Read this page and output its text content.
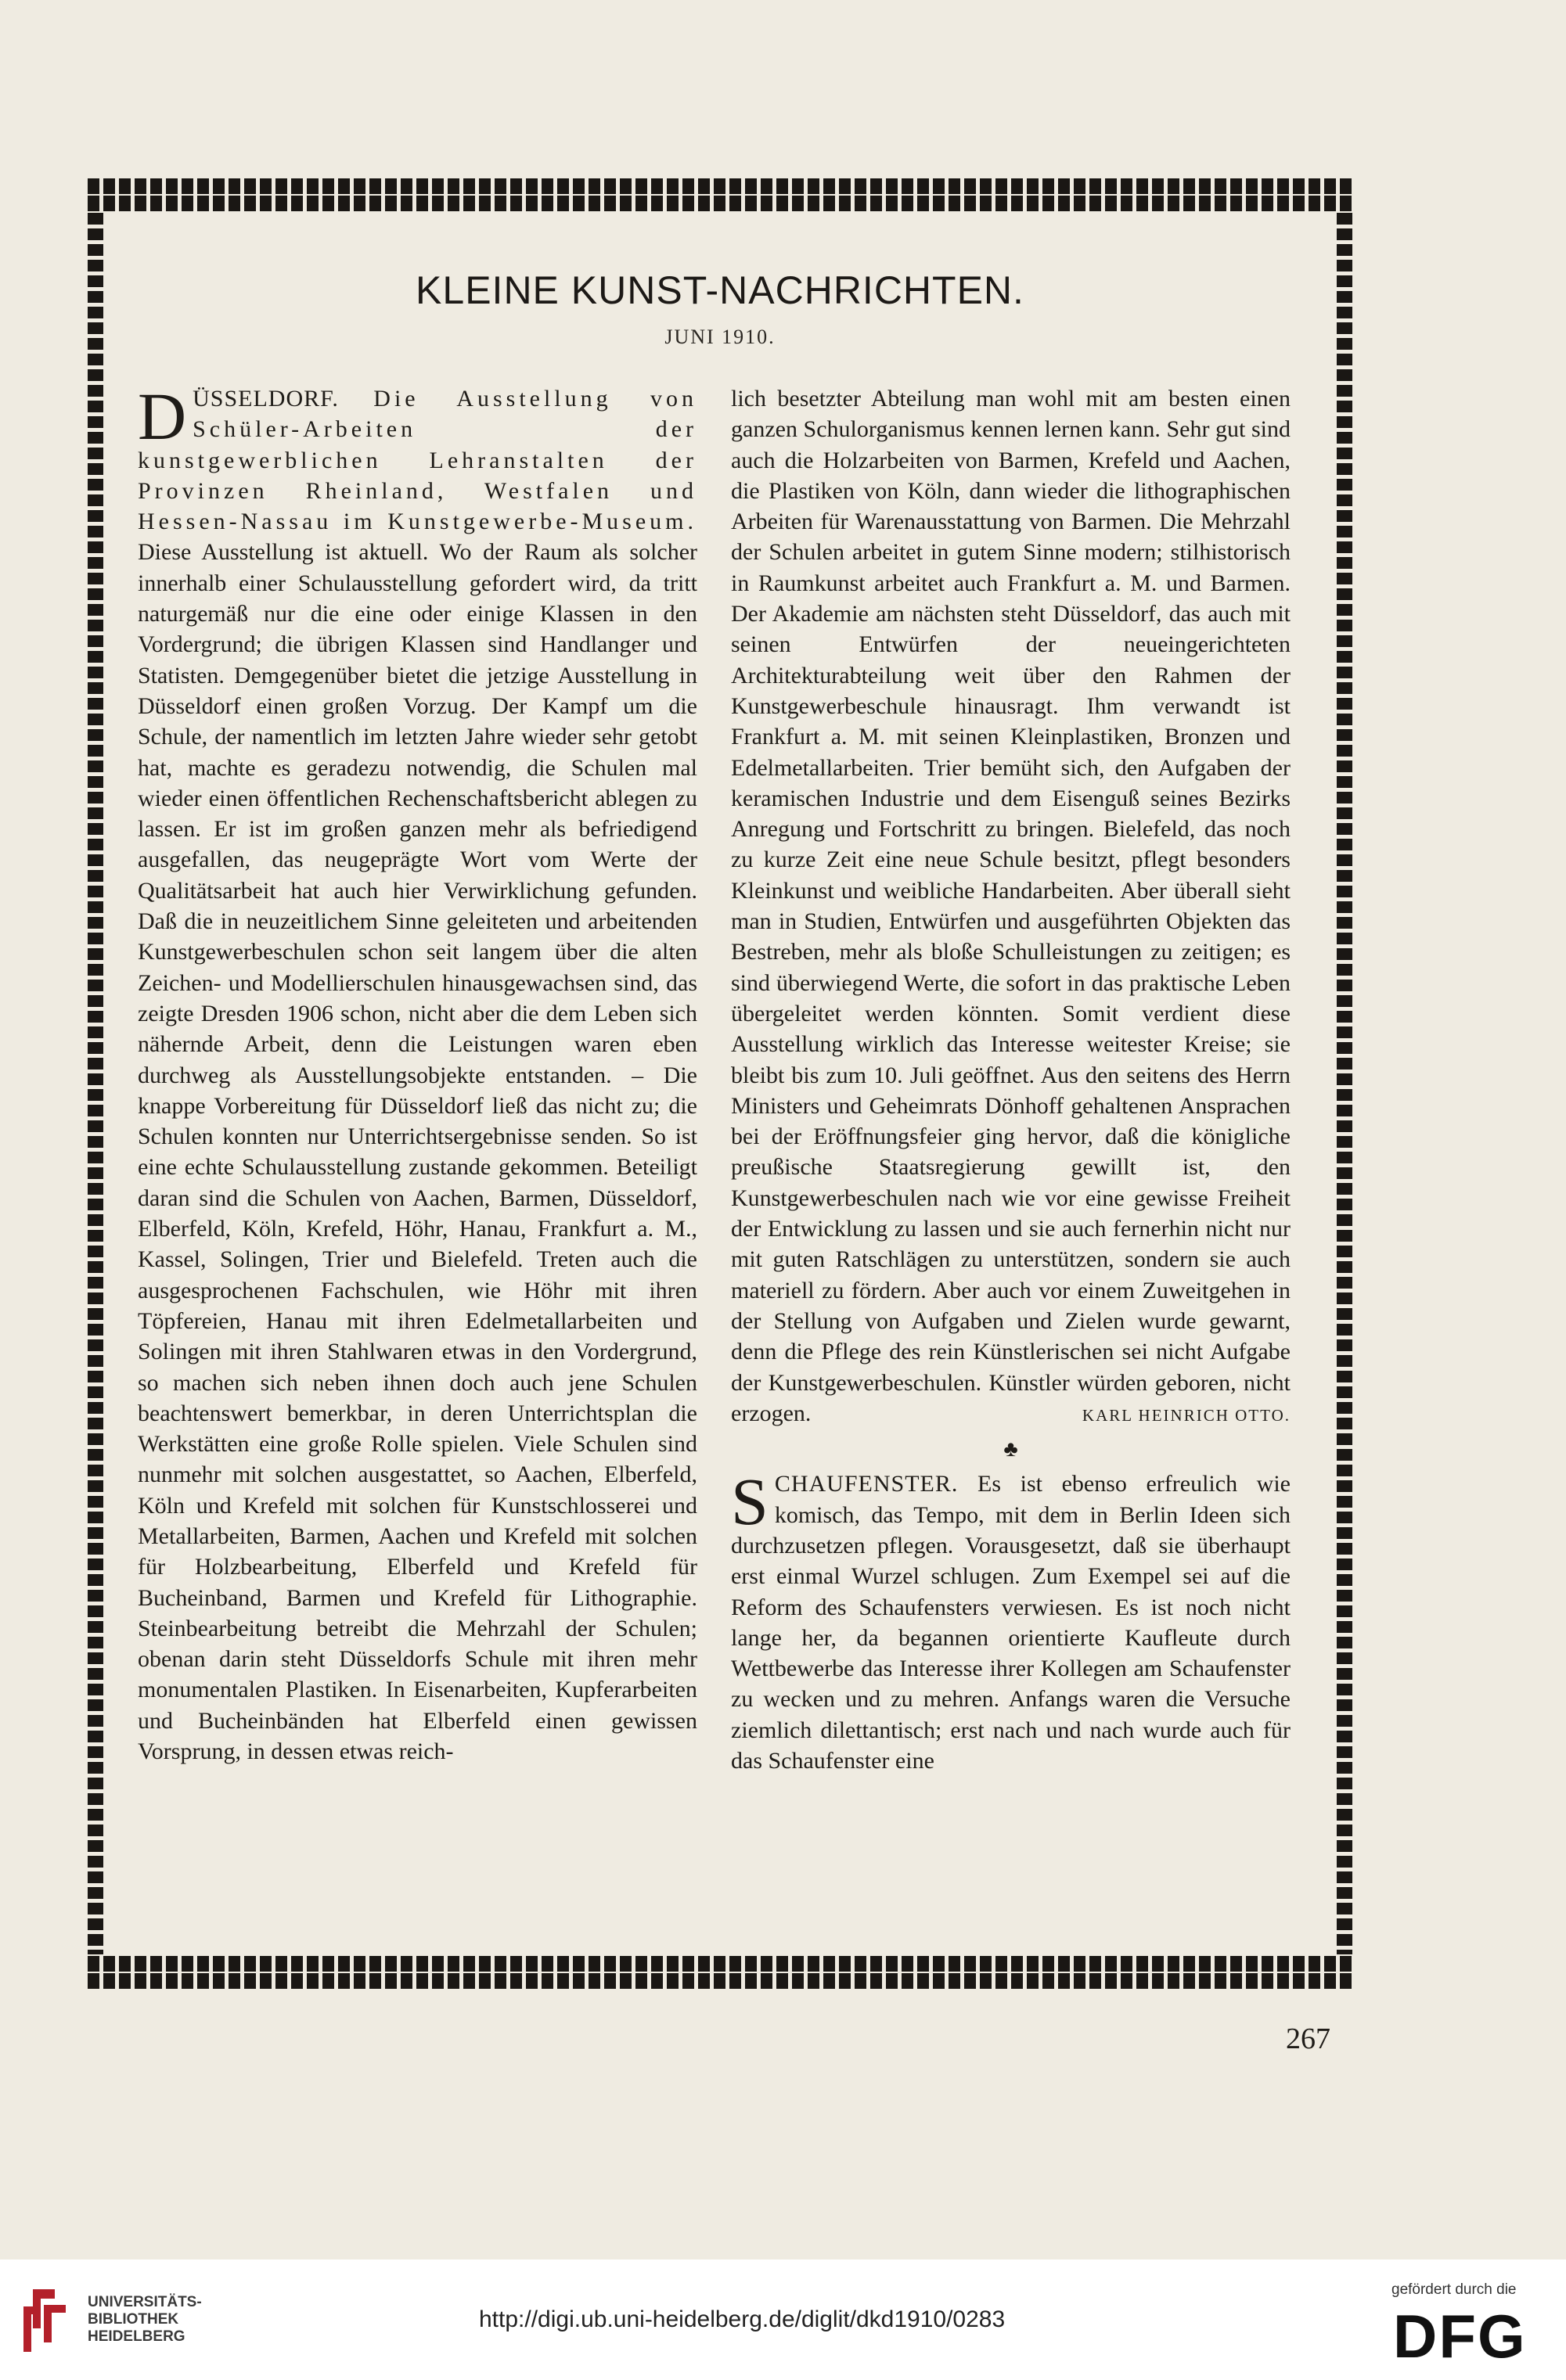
KLEINE KUNST-NACHRICHTEN.
JUNI 1910.

DÜSSELDORF. Die Ausstellung von Schüler-Arbeiten der kunstgewerblichen Lehranstalten der Provinzen Rheinland, Westfalen und Hessen-Nassau im Kunstgewerbe-Museum. Diese Ausstellung ist aktuell. Wo der Raum als solcher innerhalb einer Schulausstellung gefordert wird, da tritt naturgemäß nur die eine oder einige Klassen in den Vordergrund; die übrigen Klassen sind Handlanger und Statisten. Demgegenüber bietet die jetzige Ausstellung in Düsseldorf einen großen Vorzug. Der Kampf um die Schule, der namentlich im letzten Jahre wieder sehr getobt hat, machte es geradezu notwendig, die Schulen mal wieder einen öffentlichen Rechenschaftsbericht ablegen zu lassen. Er ist im großen ganzen mehr als befriedigend ausgefallen, das neugeprägte Wort vom Werte der Qualitätsarbeit hat auch hier Verwirklichung gefunden. Daß die in neuzeitlichem Sinne geleiteten und arbeitenden Kunstgewerbeschulen schon seit langem über die alten Zeichen- und Modellierschulen hinausgewachsen sind, das zeigte Dresden 1906 schon, nicht aber die dem Leben sich nähernde Arbeit, denn die Leistungen waren eben durchweg als Ausstellungsobjekte entstanden. – Die knappe Vorbereitung für Düsseldorf ließ das nicht zu; die Schulen konnten nur Unterrichtsergebnisse senden. So ist eine echte Schulausstellung zustande gekommen. Beteiligt daran sind die Schulen von Aachen, Barmen, Düsseldorf, Elberfeld, Köln, Krefeld, Höhr, Hanau, Frankfurt a. M., Kassel, Solingen, Trier und Bielefeld. Treten auch die ausgesprochenen Fachschulen, wie Höhr mit ihren Töpfereien, Hanau mit ihren Edelmetallarbeiten und Solingen mit ihren Stahlwaren etwas in den Vordergrund, so machen sich neben ihnen doch auch jene Schulen beachtenswert bemerkbar, in deren Unterrichtsplan die Werkstätten eine große Rolle spielen. Viele Schulen sind nunmehr mit solchen ausgestattet, so Aachen, Elberfeld, Köln und Krefeld mit solchen für Kunstschlosserei und Metallarbeiten, Barmen, Aachen und Krefeld mit solchen für Holzbearbeitung, Elberfeld und Krefeld für Bucheinband, Barmen und Krefeld für Lithographie. Steinbearbeitung betreibt die Mehrzahl der Schulen; obenan darin steht Düsseldorfs Schule mit ihren mehr monumentalen Plastiken. In Eisenarbeiten, Kupferarbeiten und Bucheinbänden hat Elberfeld einen gewissen Vorsprung, in dessen etwas reich-

lich besetzter Abteilung man wohl mit am besten einen ganzen Schulorganismus kennen lernen kann. Sehr gut sind auch die Holzarbeiten von Barmen, Krefeld und Aachen, die Plastiken von Köln, dann wieder die lithographischen Arbeiten für Warenausstattung von Barmen. Die Mehrzahl der Schulen arbeitet in gutem Sinne modern; stilhistorisch in Raumkunst arbeitet auch Frankfurt a. M. und Barmen. Der Akademie am nächsten steht Düsseldorf, das auch mit seinen Entwürfen der neueingerichteten Architekturabteilung weit über den Rahmen der Kunstgewerbeschule hinausragt. Ihm verwandt ist Frankfurt a. M. mit seinen Kleinplastiken, Bronzen und Edelmetallarbeiten. Trier bemüht sich, den Aufgaben der keramischen Industrie und dem Eisenguß seines Bezirks Anregung und Fortschritt zu bringen. Bielefeld, das noch zu kurze Zeit eine neue Schule besitzt, pflegt besonders Kleinkunst und weibliche Handarbeiten. Aber überall sieht man in Studien, Entwürfen und ausgeführten Objekten das Bestreben, mehr als bloße Schulleistungen zu zeitigen; es sind überwiegend Werte, die sofort in das praktische Leben übergeleitet werden könnten. Somit verdient diese Ausstellung wirklich das Interesse weitester Kreise; sie bleibt bis zum 10. Juli geöffnet. Aus den seitens des Herrn Ministers und Geheimrats Dönhoff gehaltenen Ansprachen bei der Eröffnungsfeier ging hervor, daß die königliche preußische Staatsregierung gewillt ist, den Kunstgewerbeschulen nach wie vor eine gewisse Freiheit der Entwicklung zu lassen und sie auch fernerhin nicht nur mit guten Ratschlägen zu unterstützen, sondern sie auch materiell zu fördern. Aber auch vor einem Zuweitgehen in der Stellung von Aufgaben und Zielen wurde gewarnt, denn die Pflege des rein Künstlerischen sei nicht Aufgabe der Kunstgewerbeschulen. Künstler würden geboren, nicht erzogen.	KARL HEINRICH OTTO.

♣

SCHAUFENSTER. Es ist ebenso erfreulich wie komisch, das Tempo, mit dem in Berlin Ideen sich durchzusetzen pflegen. Vorausgesetzt, daß sie überhaupt erst einmal Wurzel schlugen. Zum Exempel sei auf die Reform des Schaufensters verwiesen. Es ist noch nicht lange her, da begannen orientierte Kaufleute durch Wettbewerbe das Interesse ihrer Kollegen am Schaufenster zu wecken und zu mehren. Anfangs waren die Versuche ziemlich dilettantisch; erst nach und nach wurde auch für das Schaufenster eine

267
UNIVERSITÄTS-
BIBLIOTHEK
HEIDELBERG
http://digi.ub.uni-heidelberg.de/diglit/dkd1910/0283
gefördert durch die
DFG
